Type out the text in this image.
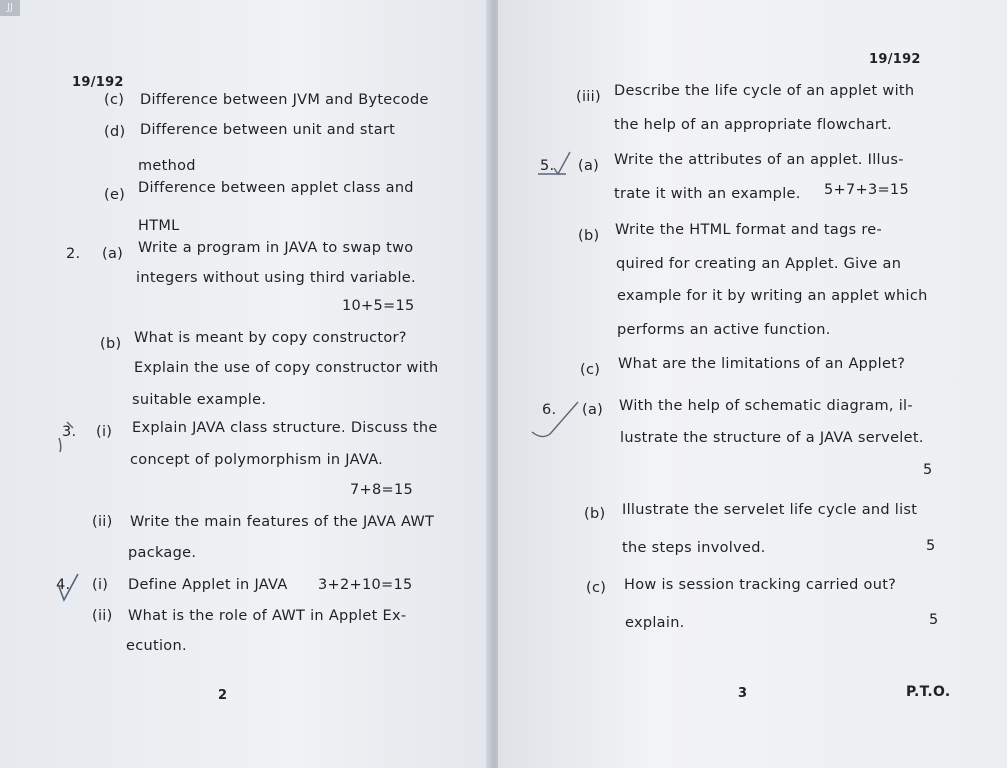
19/192
(c) Difference between JVM and Bytecode
(d) Difference between unit and start
method
(e) Difference between applet class and
HTML
2. (a) Write a program in JAVA to swap two
integers without using third variable.
10+5=15
(b) What is meant by copy constructor?
Explain the use of copy constructor with
suitable example.
3. (i) Explain JAVA class structure. Discuss the
concept of polymorphism in JAVA.
7+8=15
(ii) Write the main features of the JAVA AWT
package.
4. (i) Define Applet in JAVA 3+2+10=15
(ii) What is the role of AWT in Applet Ex-
ecution.
2
19/192
(iii) Describe the life cycle of an applet with
the help of an appropriate flowchart.
5. (a) Write the attributes of an applet. Illus-
trate it with an example. 5+7+3=15
(b) Write the HTML format and tags re-
quired for creating an Applet. Give an
example for it by writing an applet which
performs an active function.
(c) What are the limitations of an Applet?
6. (a) With the help of schematic diagram, il-
lustrate the structure of a JAVA servelet.
5
(b) Illustrate the servelet life cycle and list
the steps involved.	5
(c) How is session tracking carried out?
explain.	5
3	P.T.O.
JJ
